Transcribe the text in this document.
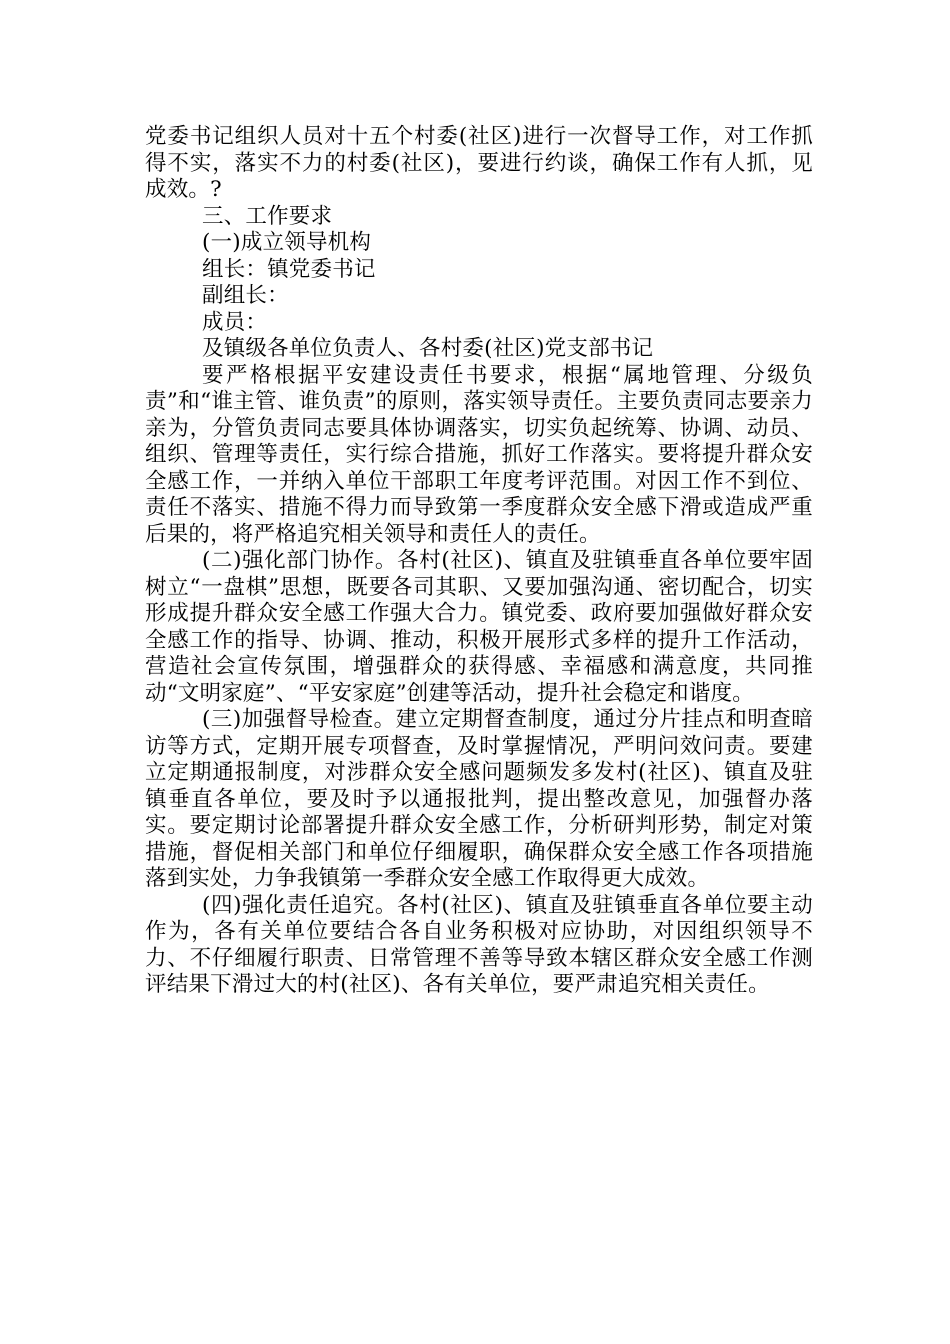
党委书记组织人员对十五个村委(社区)进行一次督导工作，对工作抓得不实，落实不力的村委(社区)，要进行约谈，确保工作有人抓，见成效。?

三、工作要求

(一)成立领导机构

组长：镇党委书记

副组长：

成员：

及镇级各单位负责人、各村委(社区)党支部书记

要严格根据平安建设责任书要求，根据“属地管理、分级负责”和“谁主管、谁负责”的原则，落实领导责任。主要负责同志要亲力亲为，分管负责同志要具体协调落实，切实负起统筹、协调、动员、组织、管理等责任，实行综合措施，抓好工作落实。要将提升群众安全感工作，一并纳入单位干部职工年度考评范围。对因工作不到位、责任不落实、措施不得力而导致第一季度群众安全感下滑或造成严重后果的，将严格追究相关领导和责任人的责任。

(二)强化部门协作。各村(社区)、镇直及驻镇垂直各单位要牢固树立“一盘棋”思想，既要各司其职、又要加强沟通、密切配合，切实形成提升群众安全感工作强大合力。镇党委、政府要加强做好群众安全感工作的指导、协调、推动，积极开展形式多样的提升工作活动，营造社会宣传氛围，增强群众的获得感、幸福感和满意度，共同推动“文明家庭”、“平安家庭”创建等活动，提升社会稳定和谐度。

(三)加强督导检查。建立定期督查制度，通过分片挂点和明查暗访等方式，定期开展专项督查，及时掌握情况，严明问效问责。要建立定期通报制度，对涉群众安全感问题频发多发村(社区)、镇直及驻镇垂直各单位，要及时予以通报批判，提出整改意见，加强督办落实。要定期讨论部署提升群众安全感工作，分析研判形势，制定对策措施，督促相关部门和单位仔细履职，确保群众安全感工作各项措施落到实处，力争我镇第一季群众安全感工作取得更大成效。

(四)强化责任追究。各村(社区)、镇直及驻镇垂直各单位要主动作为，各有关单位要结合各自业务积极对应协助，对因组织领导不力、不仔细履行职责、日常管理不善等导致本辖区群众安全感工作测评结果下滑过大的村(社区)、各有关单位，要严肃追究相关责任。
